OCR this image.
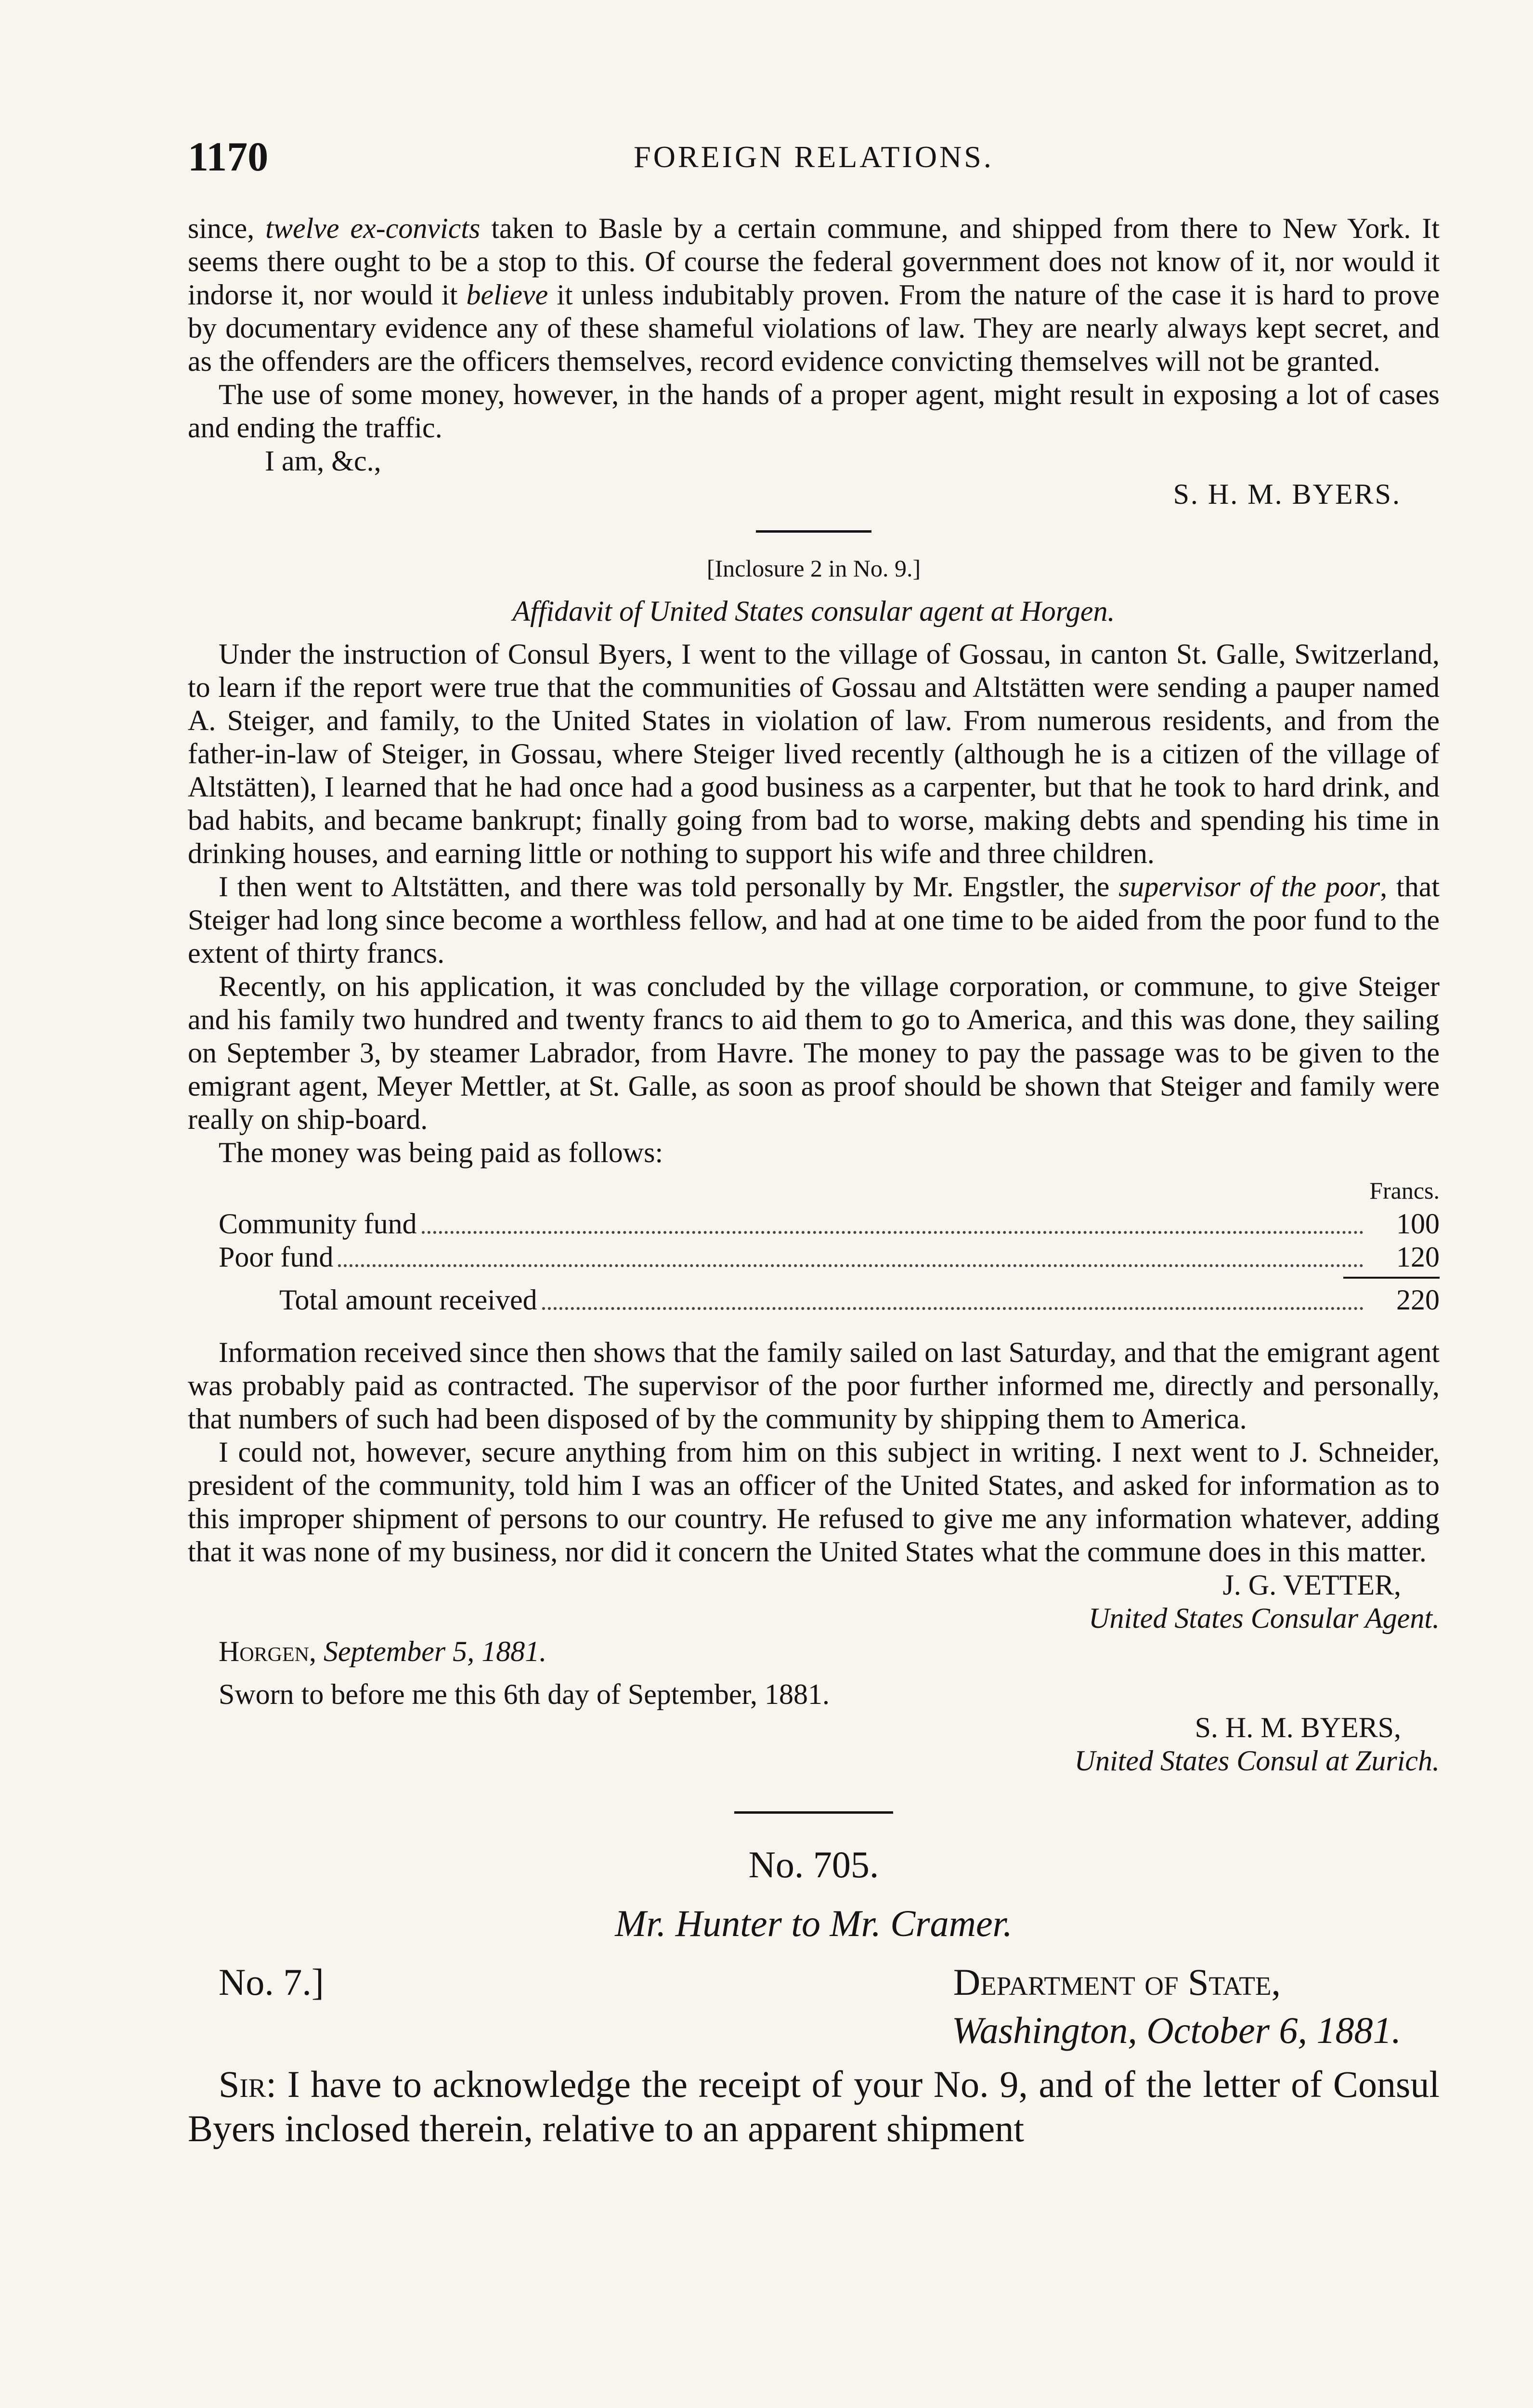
1170	FOREIGN RELATIONS.

since, twelve ex-convicts taken to Basle by a certain commune, and shipped from there to New York. It seems there ought to be a stop to this. Of course the federal government does not know of it, nor would it indorse it, nor would it believe it unless indubitably proven. From the nature of the case it is hard to prove by documentary evidence any of these shameful violations of law. They are nearly always kept secret, and as the offenders are the officers themselves, record evidence convicting themselves will not be granted.

The use of some money, however, in the hands of a proper agent, might result in exposing a lot of cases and ending the traffic.

I am, &c.,

S. H. M. BYERS.

[Inclosure 2 in No. 9.]

Affidavit of United States consular agent at Horgen.

Under the instruction of Consul Byers, I went to the village of Gossau, in canton St. Galle, Switzerland, to learn if the report were true that the communities of Gossau and Altstätten were sending a pauper named A. Steiger, and family, to the United States in violation of law. From numerous residents, and from the father-in-law of Steiger, in Gossau, where Steiger lived recently (although he is a citizen of the village of Altstätten), I learned that he had once had a good business as a carpenter, but that he took to hard drink, and bad habits, and became bankrupt; finally going from bad to worse, making debts and spending his time in drinking houses, and earning little or nothing to support his wife and three children.

I then went to Altstätten, and there was told personally by Mr. Engstler, the supervisor of the poor, that Steiger had long since become a worthless fellow, and had at one time to be aided from the poor fund to the extent of thirty francs.

Recently, on his application, it was concluded by the village corporation, or commune, to give Steiger and his family two hundred and twenty francs to aid them to go to America, and this was done, they sailing on September 3, by steamer Labrador, from Havre. The money to pay the passage was to be given to the emigrant agent, Meyer Mettler, at St. Galle, as soon as proof should be shown that Steiger and family were really on ship-board.

The money was being paid as follows:

Francs.
Community fund	100
Poor fund	120
Total amount received	220

Information received since then shows that the family sailed on last Saturday, and that the emigrant agent was probably paid as contracted. The supervisor of the poor further informed me, directly and personally, that numbers of such had been disposed of by the community by shipping them to America.

I could not, however, secure anything from him on this subject in writing. I next went to J. Schneider, president of the community, told him I was an officer of the United States, and asked for information as to this improper shipment of persons to our country. He refused to give me any information whatever, adding that it was none of my business, nor did it concern the United States what the commune does in this matter.

J. G. VETTER,

United States Consular Agent.

Horgen, September 5, 1881.

Sworn to before me this 6th day of September, 1881.

S. H. M. BYERS,

United States Consul at Zurich.

No. 705.

Mr. Hunter to Mr. Cramer.

No. 7.]	Department of State,

Washington, October 6, 1881.

Sir: I have to acknowledge the receipt of your No. 9, and of the letter of Consul Byers inclosed therein, relative to an apparent shipment
